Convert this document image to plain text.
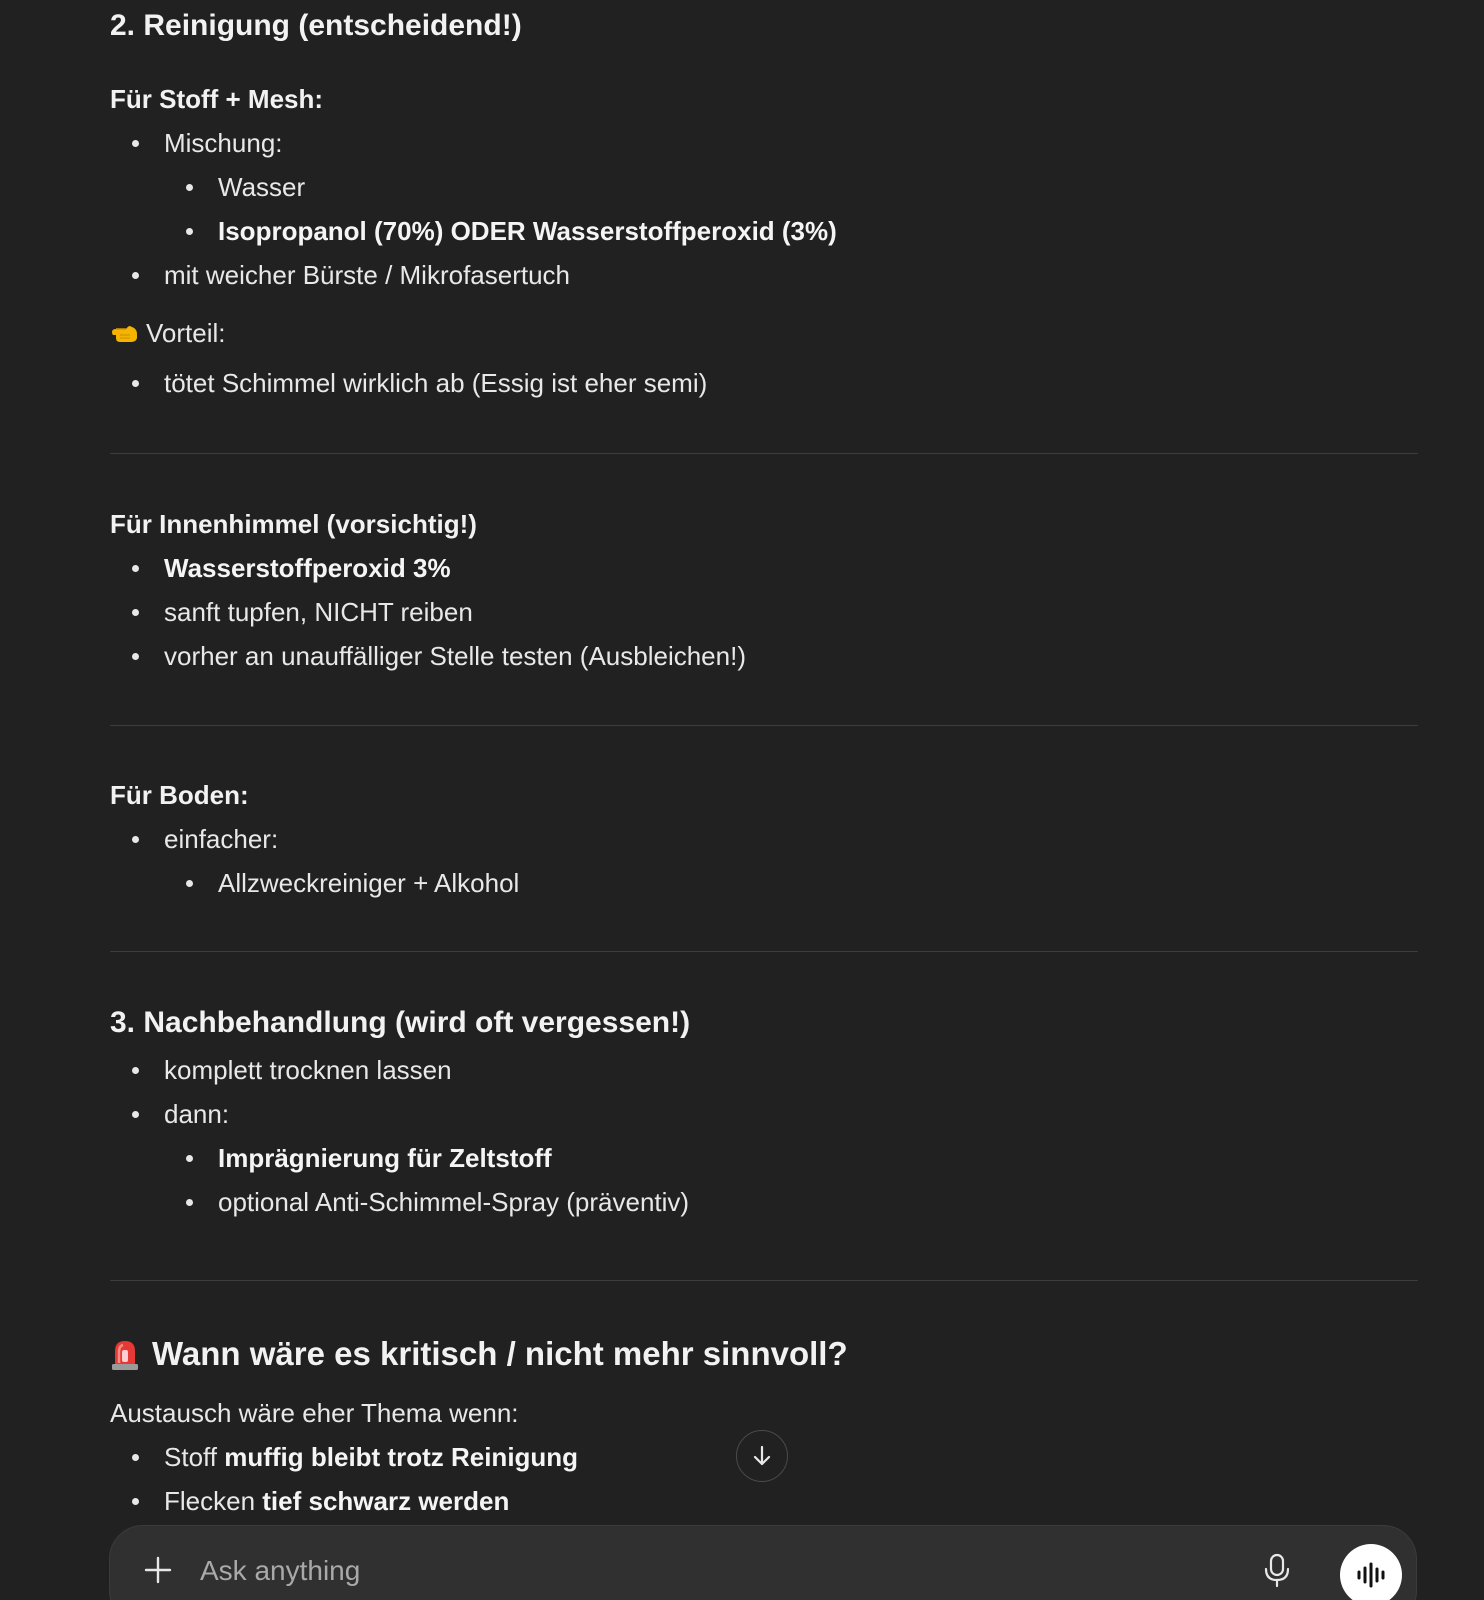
2. Reinigung (entscheidend!)

Für Stoff + Mesh:

Mischung:
Wasser
Isopropanol (70%) ODER Wasserstoffperoxid (3%)
mit weicher Bürste / Mikrofasertuch

Vorteil:

tötet Schimmel wirklich ab (Essig ist eher semi)

Für Innenhimmel (vorsichtig!)

Wasserstoffperoxid 3%
sanft tupfen, NICHT reiben
vorher an unauffälliger Stelle testen (Ausbleichen!)

Für Boden:

einfacher:
Allzweckreiniger + Alkohol
3. Nachbehandlung (wird oft vergessen!)
komplett trocknen lassen
dann:
Imprägnierung für Zeltstoff
optional Anti-Schimmel-Spray (präventiv)
Wann wäre es kritisch / nicht mehr sinnvoll?

Austausch wäre eher Thema wenn:

Stoff muffig bleibt trotz Reinigung
Flecken tief schwarz werden
Ask anything
